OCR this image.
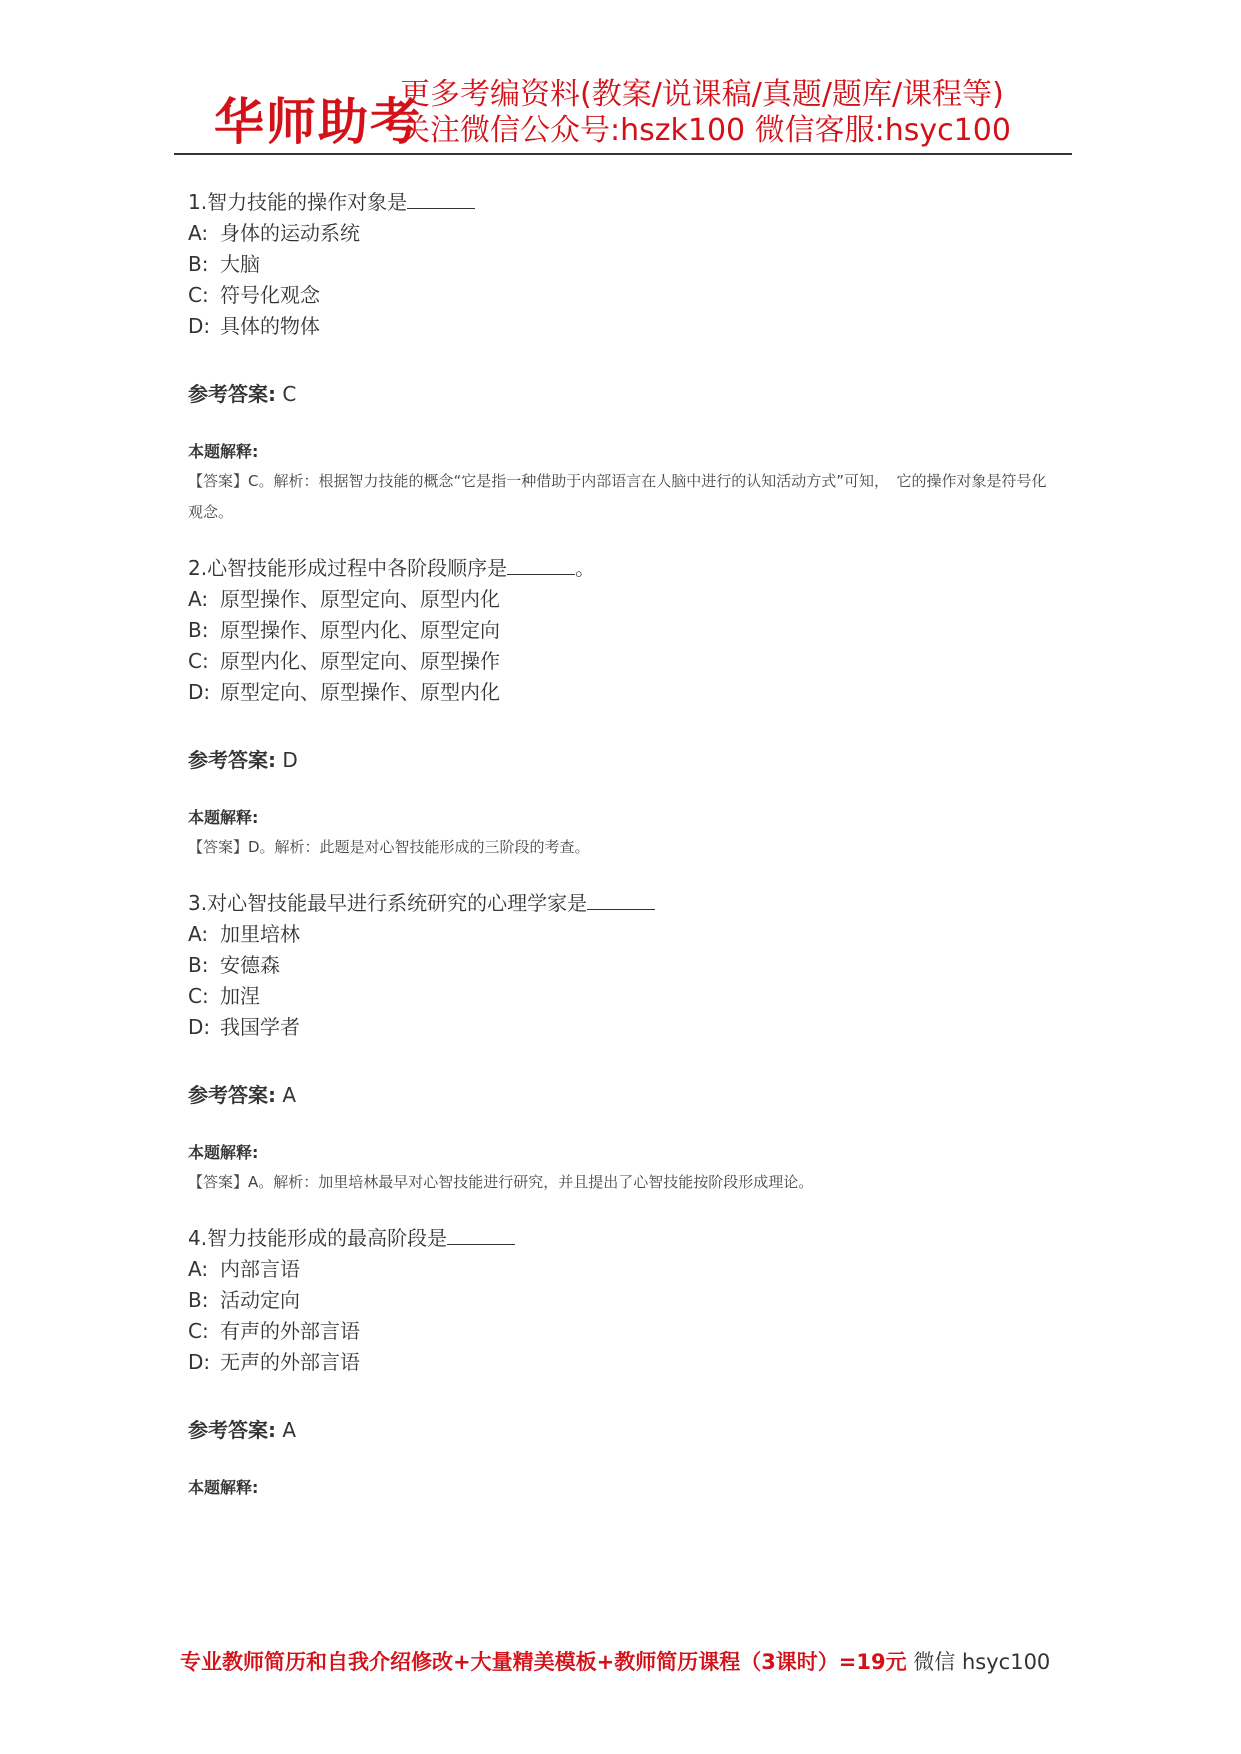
华师助考
更多考编资料(教案/说课稿/真题/题库/课程等)
关注微信公众号:hszk100 微信客服:hsyc100
1.智力技能的操作对象是
A: 身体的运动系统
B: 大脑
C: 符号化观念
D: 具体的物体
参考答案: C
本题解释:
【答案】C。解析：根据智力技能的概念“它是指一种借助于内部语言在人脑中进行的认知活动方式”可知，　它的操作对象是符号化观念。
2.心智技能形成过程中各阶段顺序是	。
A: 原型操作、原型定向、原型内化
B: 原型操作、原型内化、原型定向
C: 原型内化、原型定向、原型操作
D: 原型定向、原型操作、原型内化
参考答案: D
本题解释:
【答案】D。解析：此题是对心智技能形成的三阶段的考查。
3.对心智技能最早进行系统研究的心理学家是
A: 加里培林
B: 安德森
C: 加涅
D: 我国学者
参考答案: A
本题解释:
【答案】A。解析：加里培林最早对心智技能进行研究，并且提出了心智技能按阶段形成理论。
4.智力技能形成的最高阶段是
A: 内部言语
B: 活动定向
C: 有声的外部言语
D: 无声的外部言语
参考答案: A
本题解释:
专业教师简历和自我介绍修改+大量精美模板+教师简历课程（3课时）=19元 微信 hsyc100
